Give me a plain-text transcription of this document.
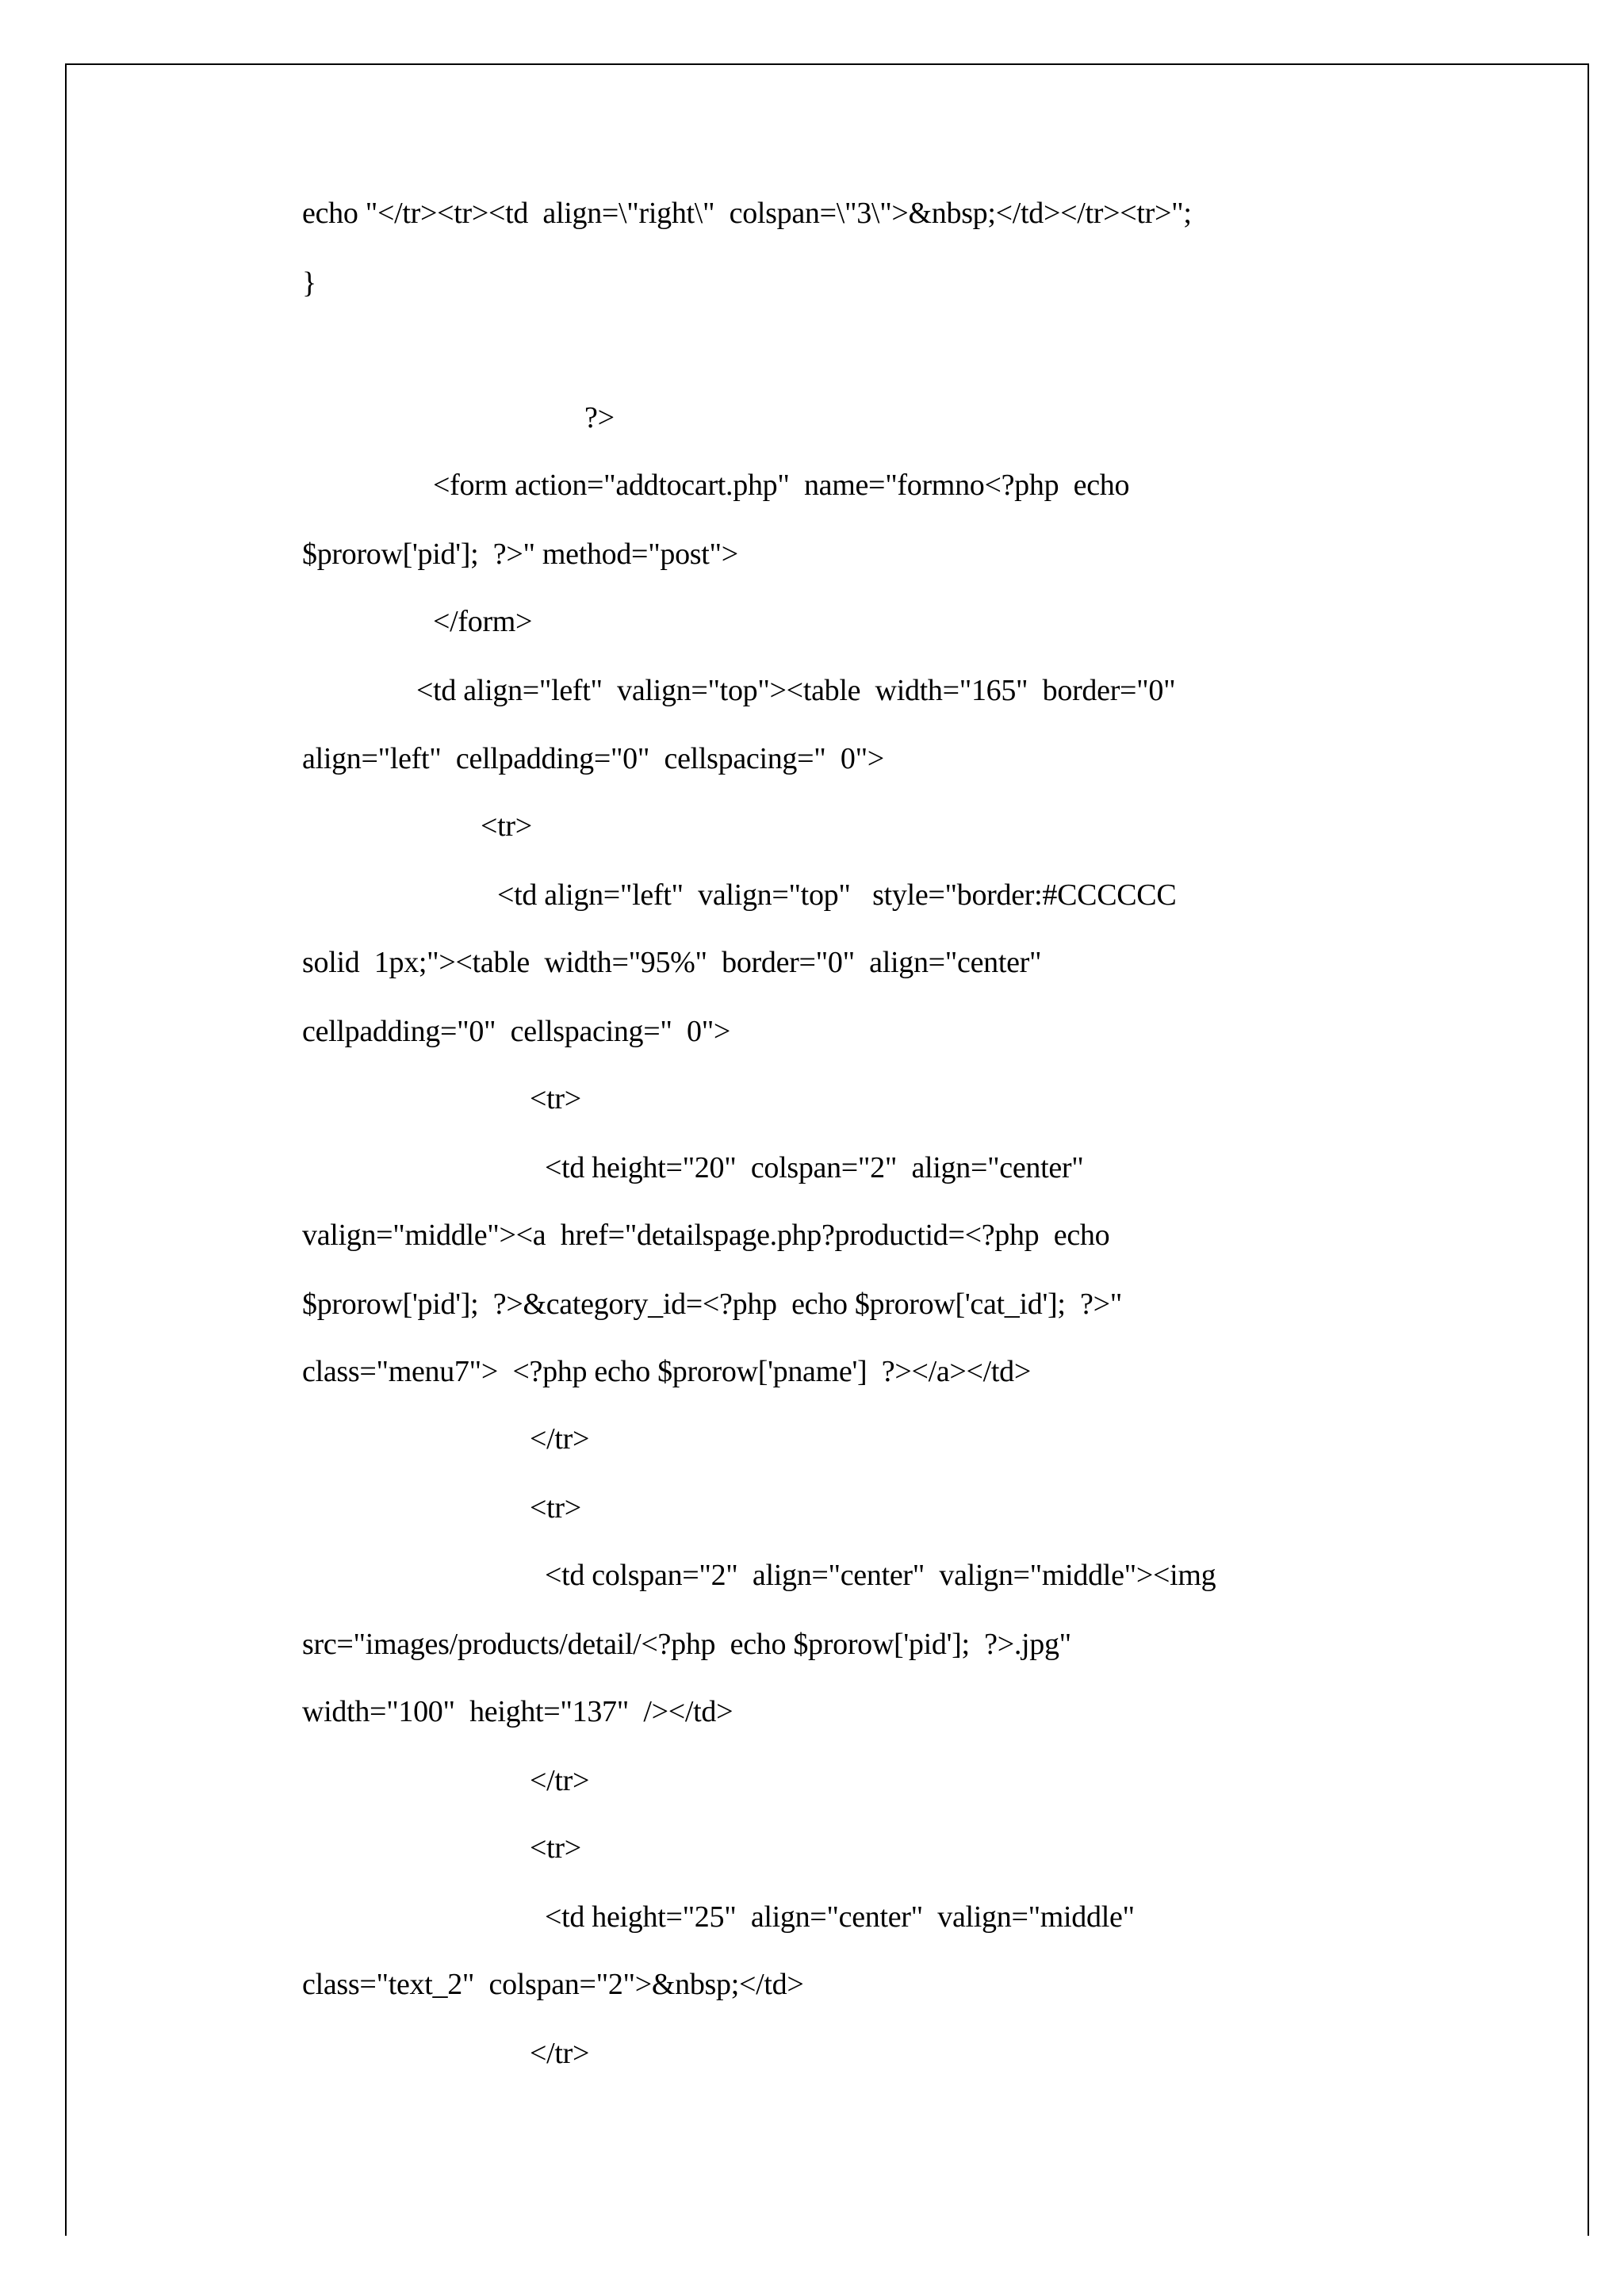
echo "</tr><tr><td  align=\"right\"  colspan=\"3\">&nbsp;</td></tr><tr>";

}

?>

<form action="addtocart.php"  name="formno<?php  echo

$prorow['pid'];  ?>" method="post">

</form>

<td align="left"  valign="top"><table  width="165"  border="0"

align="left"  cellpadding="0"  cellspacing="  0">

<tr>

<td align="left"  valign="top"   style="border:#CCCCCC

solid  1px;"><table  width="95%"  border="0"  align="center"

cellpadding="0"  cellspacing="  0">

<tr>

<td height="20"  colspan="2"  align="center"

valign="middle"><a  href="detailspage.php?productid=<?php  echo

$prorow['pid'];  ?>&category_id=<?php  echo $prorow['cat_id'];  ?>"

class="menu7">  <?php echo $prorow['pname']  ?></a></td>

</tr>

<tr>

<td colspan="2"  align="center"  valign="middle"><img

src="images/products/detail/<?php  echo $prorow['pid'];  ?>.jpg"

width="100"  height="137"  /></td>

</tr>

<tr>

<td height="25"  align="center"  valign="middle"

class="text_2"  colspan="2">&nbsp;</td>

</tr>
